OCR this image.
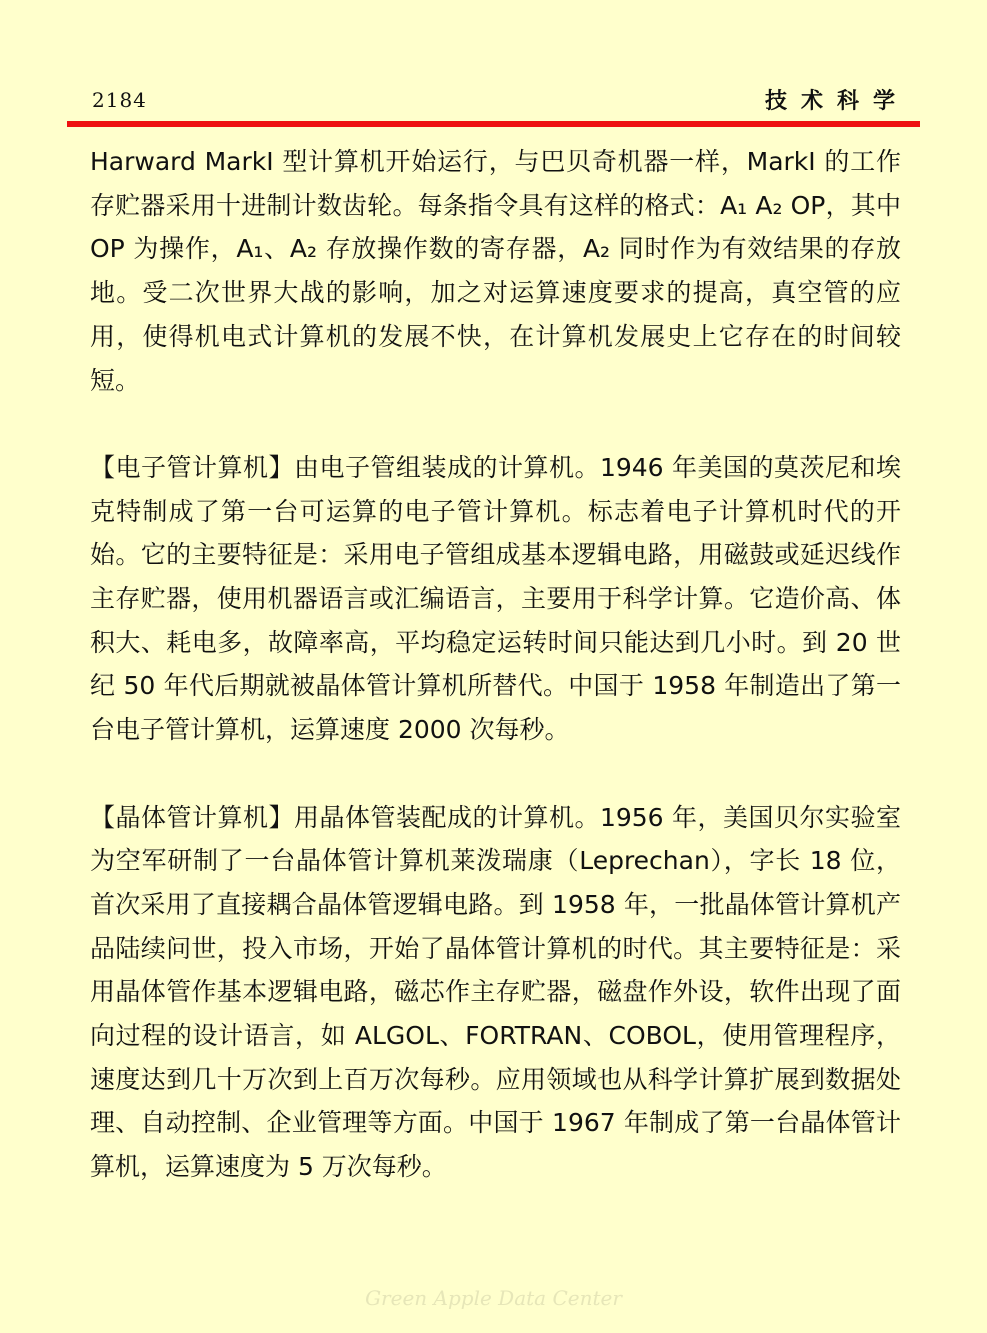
2184	技术科学

Harward MarkI 型计算机开始运行，与巴贝奇机器一样，MarkI 的工作存贮器采用十进制计数齿轮。每条指令具有这样的格式：A₁ A₂ OP，其中 OP 为操作，A₁、A₂ 存放操作数的寄存器，A₂ 同时作为有效结果的存放地。受二次世界大战的影响，加之对运算速度要求的提高，真空管的应用，使得机电式计算机的发展不快，在计算机发展史上它存在的时间较短。

【电子管计算机】由电子管组装成的计算机。1946 年美国的莫茨尼和埃克特制成了第一台可运算的电子管计算机。标志着电子计算机时代的开始。它的主要特征是：采用电子管组成基本逻辑电路，用磁鼓或延迟线作主存贮器，使用机器语言或汇编语言，主要用于科学计算。它造价高、体积大、耗电多，故障率高，平均稳定运转时间只能达到几小时。到 20 世纪 50 年代后期就被晶体管计算机所替代。中国于 1958 年制造出了第一台电子管计算机，运算速度 2000 次每秒。

【晶体管计算机】用晶体管装配成的计算机。1956 年，美国贝尔实验室为空军研制了一台晶体管计算机莱泼瑞康（Leprechan），字长 18 位，首次采用了直接耦合晶体管逻辑电路。到 1958 年，一批晶体管计算机产品陆续问世，投入市场，开始了晶体管计算机的时代。其主要特征是：采用晶体管作基本逻辑电路，磁芯作主存贮器，磁盘作外设，软件出现了面向过程的设计语言，如 ALGOL、FORTRAN、COBOL，使用管理程序，速度达到几十万次到上百万次每秒。应用领域也从科学计算扩展到数据处理、自动控制、企业管理等方面。中国于 1967 年制成了第一台晶体管计算机，运算速度为 5 万次每秒。

Green Apple Data Center
